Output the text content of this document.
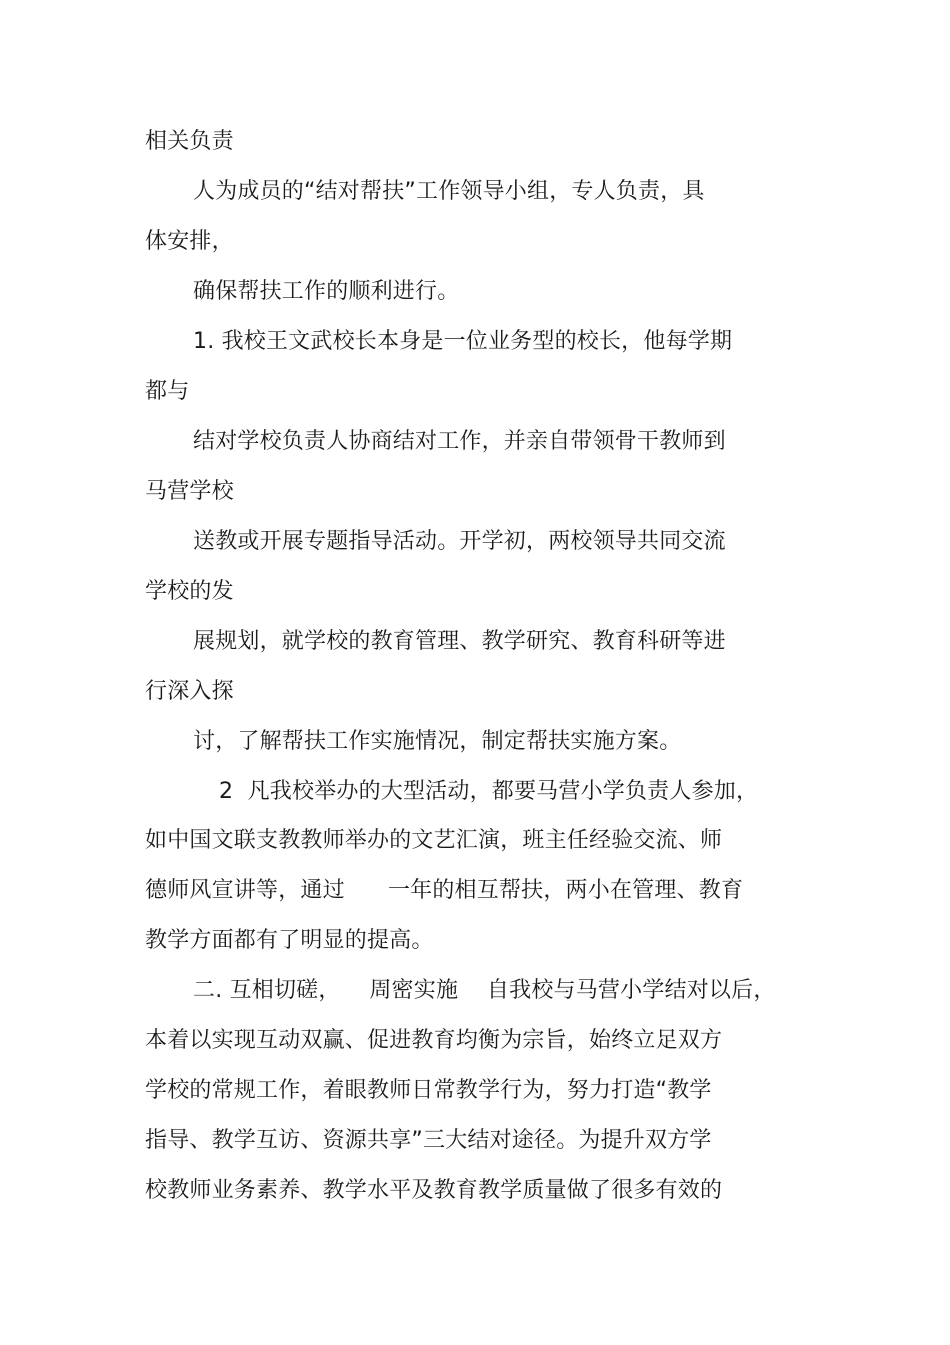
相关负责

人为成员的“结对帮扶”工作领导小组，专人负责，具

体安排，

确保帮扶工作的顺利进行。

1. 我校王文武校长本身是一位业务型的校长，他每学期

都与

结对学校负责人协商结对工作，并亲自带领骨干教师到

马营学校

送教或开展专题指导活动。开学初，两校领导共同交流

学校的发

展规划，就学校的教育管理、教学研究、教育科研等进

行深入探

讨，了解帮扶工作实施情况，制定帮扶实施方案。

2  凡我校举办的大型活动，都要马营小学负责人参加，

如中国文联支教教师举办的文艺汇演，班主任经验交流、师

德师风宣讲等，通过      一年的相互帮扶，两小在管理、教育

教学方面都有了明显的提高。

二. 互相切磋，    周密实施    自我校与马营小学结对以后，

本着以实现互动双赢、促进教育均衡为宗旨，始终立足双方

学校的常规工作，着眼教师日常教学行为，努力打造“教学

指导、教学互访、资源共享”三大结对途径。为提升双方学

校教师业务素养、教学水平及教育教学质量做了很多有效的
